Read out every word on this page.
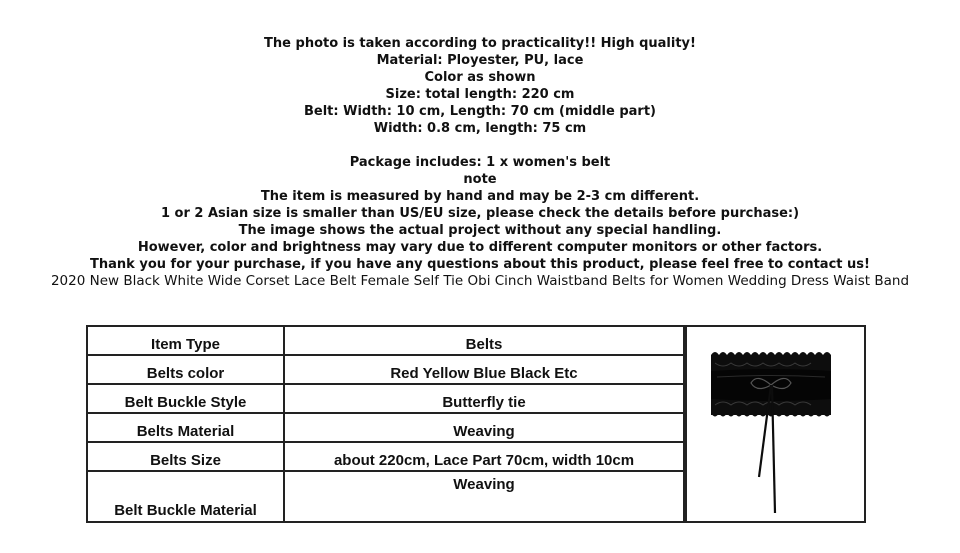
The photo is taken according to practicality!! High quality!
Material: Ployester, PU, lace
Color as shown
Size: total length: 220 cm
Belt: Width: 10 cm, Length: 70 cm (middle part)
Width: 0.8 cm, length: 75 cm
Package includes: 1 x women's belt
note
The item is measured by hand and may be 2-3 cm different.
1 or 2 Asian size is smaller than US/EU size, please check the details before purchase:)
The image shows the actual project without any special handling.
However, color and brightness may vary due to different computer monitors or other factors.
Thank you for your purchase, if you have any questions about this product, please feel free to contact us!
2020 New Black White Wide Corset Lace Belt Female Self Tie Obi Cinch Waistband Belts for Women Wedding Dress Waist Band
Item Type	Belts
Belts color	Red Yellow Blue Black Etc
Belt Buckle Style	Butterfly tie
Belts Material	Weaving
Belts Size	about 220cm, Lace Part 70cm, width 10cm
Belt Buckle Material	Weaving
